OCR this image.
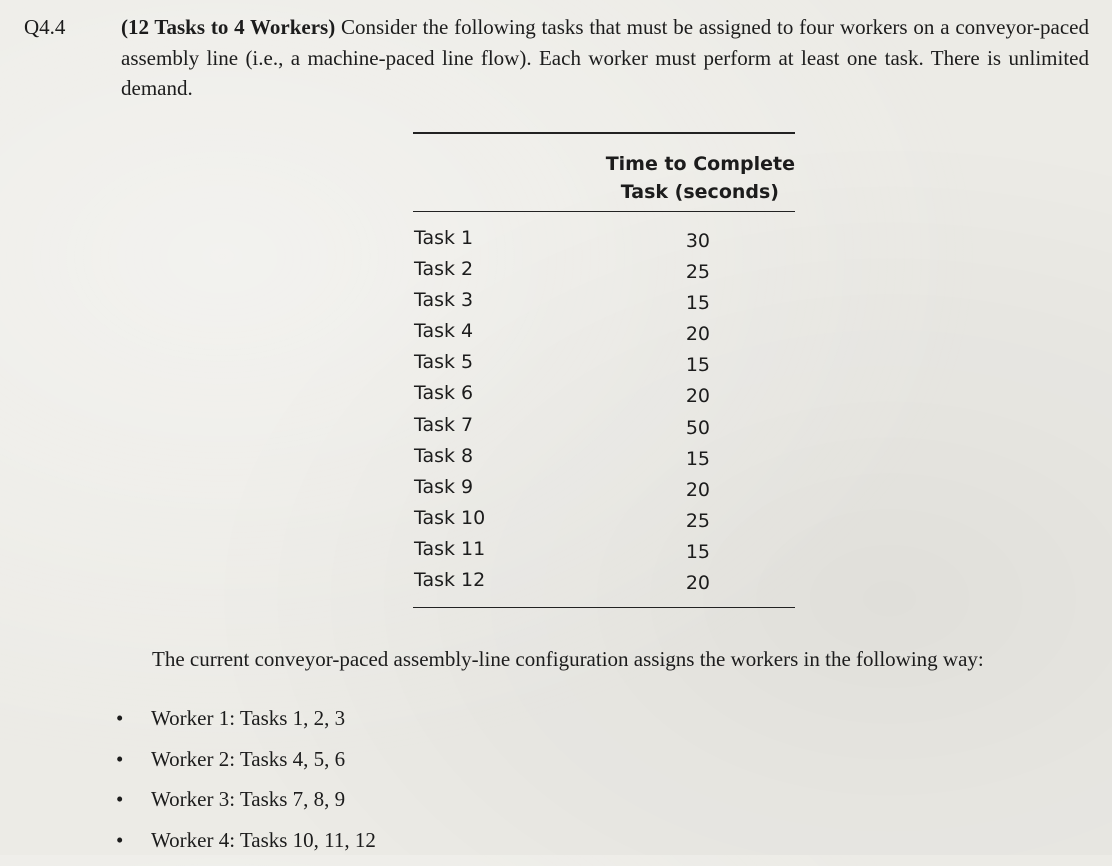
Q4.4	(12 Tasks to 4 Workers) Consider the following tasks that must be assigned to four workers on a conveyor-paced assembly line (i.e., a machine-paced line flow). Each worker must perform at least one task. There is unlimited demand.
Time to Complete
Task (seconds)
Task 1	30
Task 2	25
Task 3	15
Task 4	20
Task 5	15
Task 6	20
Task 7	50
Task 8	15
Task 9	20
Task 10	25
Task 11	15
Task 12	20
The current conveyor-paced assembly-line configuration assigns the workers in the following way:
• Worker 1: Tasks 1, 2, 3
• Worker 2: Tasks 4, 5, 6
• Worker 3: Tasks 7, 8, 9
• Worker 4: Tasks 10, 11, 12
